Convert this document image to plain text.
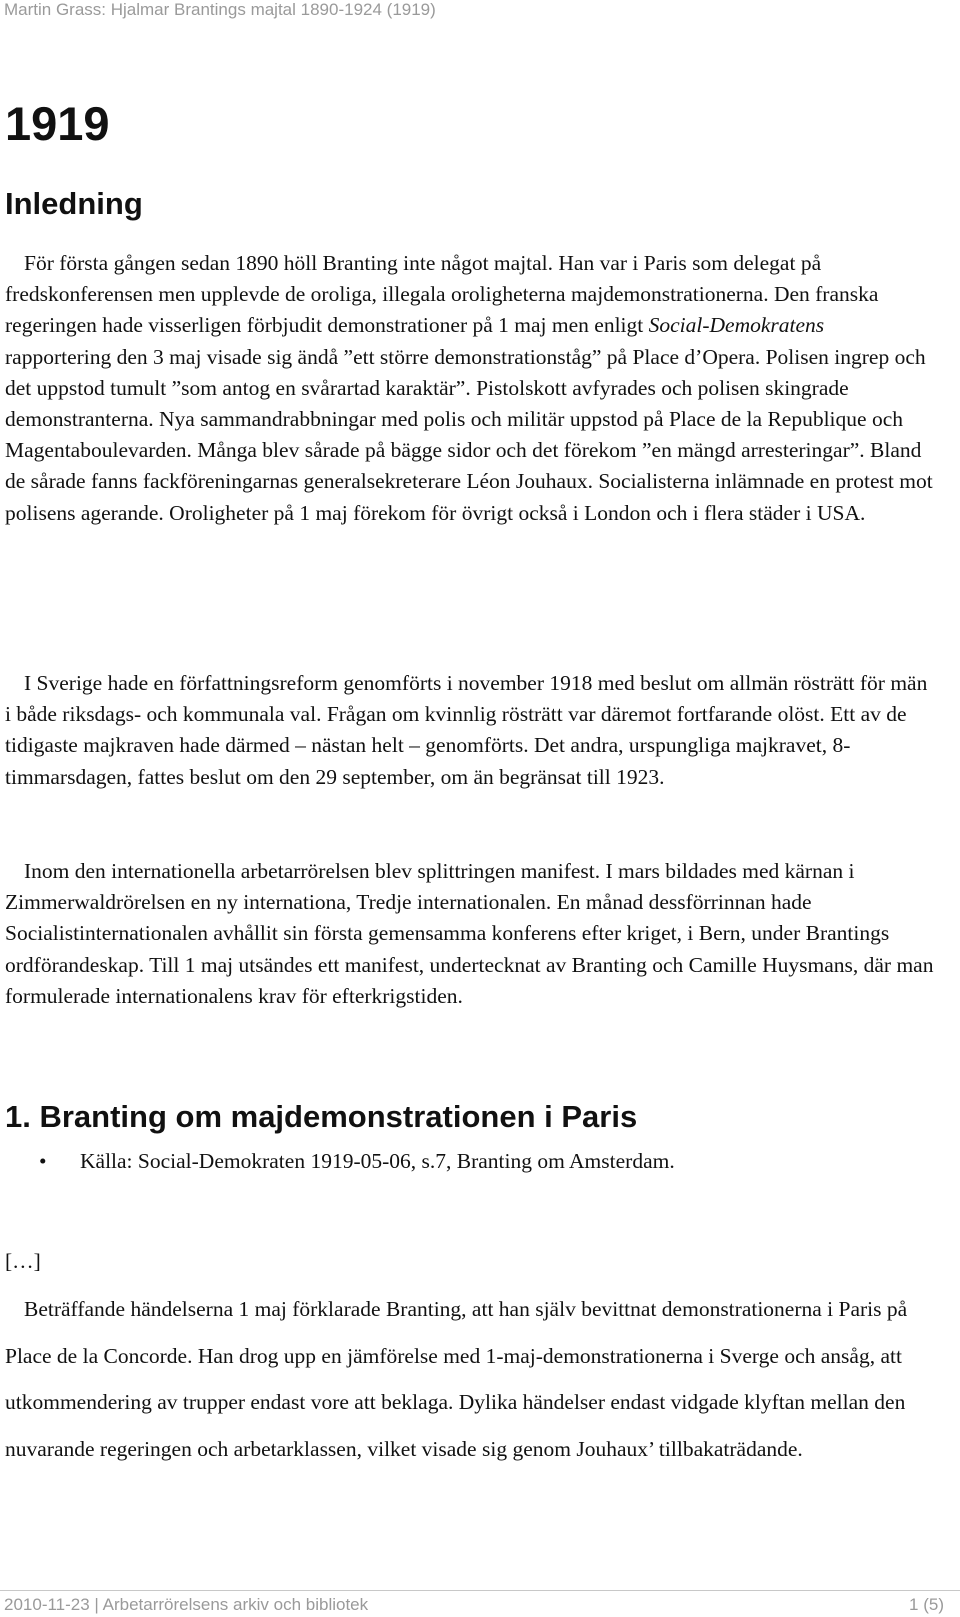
Martin Grass: Hjalmar Brantings majtal 1890-1924 (1919)
1919
Inledning

För första gången sedan 1890 höll Branting inte något majtal. Han var i Paris som delegat på fredskonferensen men upplevde de oroliga, illegala oroligheterna majdemonstrationerna. Den franska regeringen hade visserligen förbjudit demonstrationer på 1 maj men enligt Social-Demokratens rapportering den 3 maj visade sig ändå ”ett större demonstrationståg” på Place d’Opera. Polisen ingrep och det uppstod tumult ”som antog en svårartad karaktär”. Pistolskott avfyrades och polisen skingrade demonstranterna. Nya sammandrabbningar med polis och militär uppstod på Place de la Republique och Magentaboulevarden. Många blev sårade på bägge sidor och det förekom ”en mängd arresteringar”. Bland de sårade fanns fackföreningarnas generalsekreterare Léon Jouhaux. Socialisterna inlämnade en protest mot polisens agerande. Oroligheter på 1 maj förekom för övrigt också i London och i flera städer i USA.

I Sverige hade en författningsreform genomförts i november 1918 med beslut om allmän rösträtt för män i både riksdags- och kommunala val. Frågan om kvinnlig rösträtt var däremot fortfarande olöst. Ett av de tidigaste majkraven hade därmed – nästan helt – genomförts. Det andra, urspungliga majkravet, 8-timmarsdagen, fattes beslut om den 29 september, om än begränsat till 1923.

Inom den internationella arbetarrörelsen blev splittringen manifest. I mars bildades med kärnan i Zimmerwaldrörelsen en ny internationa, Tredje internationalen. En månad dessförrinnan hade Socialistinternationalen avhållit sin första gemensamma konferens efter kriget, i Bern, under Brantings ordförandeskap. Till 1 maj utsändes ett manifest, undertecknat av Branting och Camille Huysmans, där man formulerade internationalens krav för efterkrigstiden.

1. Branting om majdemonstrationen i Paris
• Källa: Social-Demokraten 1919-05-06, s.7, Branting om Amsterdam.

[…]

Beträffande händelserna 1 maj förklarade Branting, att han själv bevittnat demonstrationerna i Paris på Place de la Concorde. Han drog upp en jämförelse med 1-maj-demonstrationerna i Sverge och ansåg, att utkommendering av trupper endast vore att beklaga. Dylika händelser endast vidgade klyftan mellan den nuvarande regeringen och arbetarklassen, vilket visade sig genom Jouhaux’ tillbakaträdande.

2010-11-23 | Arbetarrörelsens arkiv och bibliotek	1 (5)
